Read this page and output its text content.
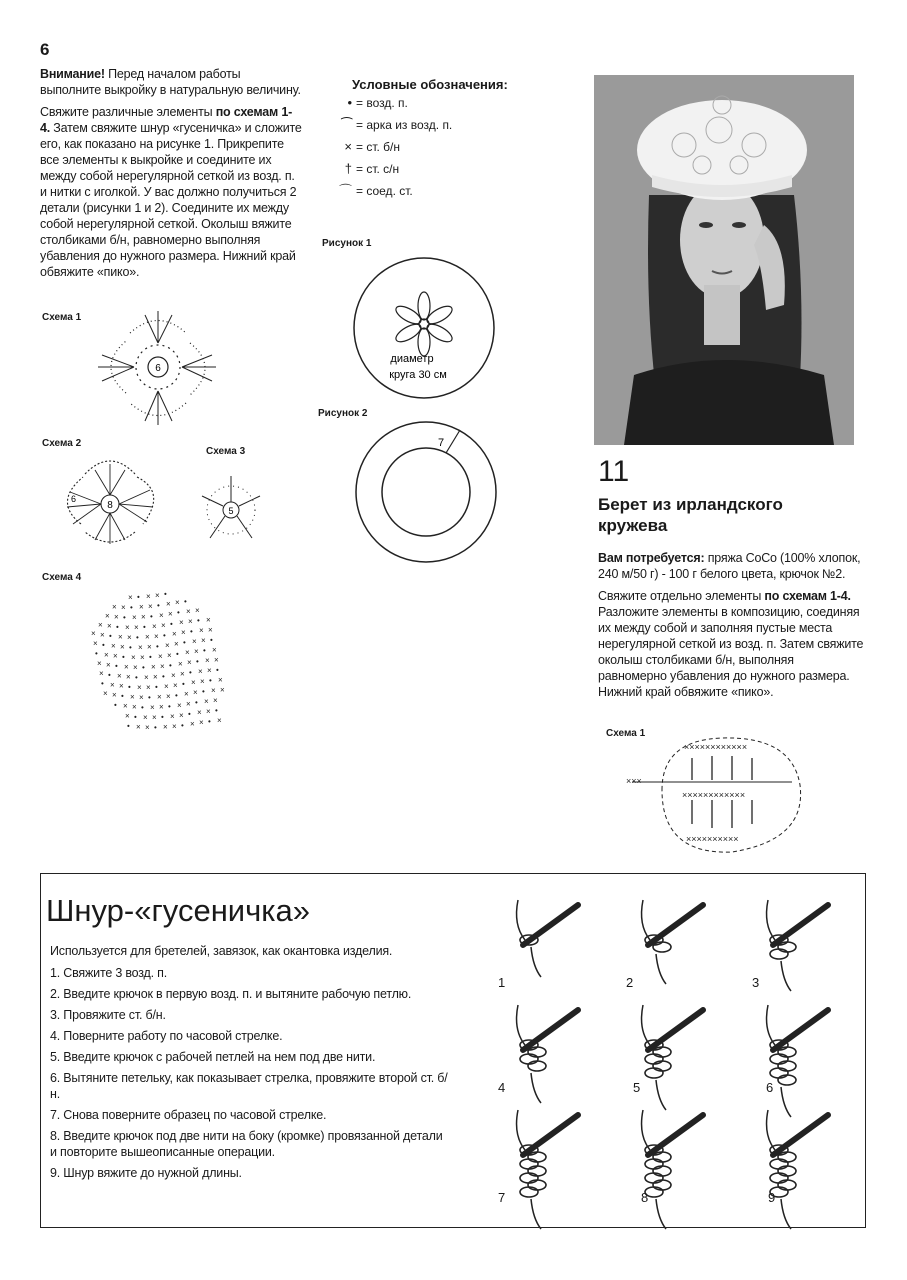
6

Внимание! Перед началом работы выполните выкройку в натуральную величину.

Свяжите различные элементы по схемам 1-4. Затем свяжите шнур «гусеничка» и сложите его, как показано на рисунке 1. Прикрепите все элементы к выкройке и соедините их между собой нерегулярной сеткой из возд. п. и нитки с иголкой. У вас должно получиться 2 детали (рисунки 1 и 2). Соедините их между собой нерегулярной сеткой. Околыш вяжите столбиками б/н, равномерно выполняя убавления до нужного размера. Нижний край обвяжите «пико».

Условные обозначения:
• = возд. п.
⁀ = арка из возд. п.
× = ст. б/н
† = ст. с/н
⌒ = соед. ст.
Схема 1
Схема 2
Схема 3
Схема 4
6
8
6
5
× • × × •
× × • × × • × × •
× × • × × • × × • × ×
× × • × × • × × • × × • ×
× × • × × • × × • × × • × ×
× • × × • × × • × × • × × •
• × × • × × • × × • × × • ×
× × • × × • × × • × × • × ×
× • × × • × × • × × • × × •
• × × • × × • × × • × × • ×
× × • × × • × × • × × • × ×
• × × • × × • × × • × ×
× • × × • × × • × × •
• × × • × × • × × • ×
Рисунок 1
диаметр
круга 30 см
Рисунок 2
7
11
Берет из ирландского
кружева

Вам потребуется: пряжа CoCo (100% хлопок, 240 м/50 г) - 100 г белого цвета, крючок №2.

Свяжите отдельно элементы по схемам 1-4. Разложите элементы в композицию, соединяя их между собой и заполняя пустые места нерегулярной сеткой из возд. п. Затем свяжите околыш столбиками б/н, выполняя равномерно убавления до нужного размера. Нижний край обвяжите «пико».

Схема 1
××××××××××××
×××
××××××××××××
××××××××××
Шнур-«гусеничка»
Используется для бретелей, завязок, как окантовка изделия.
1. Свяжите 3 возд. п.
2. Введите крючок в первую возд. п. и вытяните рабочую петлю.
3. Провяжите ст. б/н.
4. Поверните работу по часовой стрелке.
5. Введите крючок с рабочей петлей на нем под две нити.
6. Вытяните петельку, как показывает стрелка, провяжите второй ст. б/н.
7. Снова поверните образец по часовой стрелке.
8. Введите крючок под две нити на боку (кромке) провязанной детали и повторите вышеописанные операции.
9. Шнур вяжите до нужной длины.
1	2	3
4	5	6
7	8	9
